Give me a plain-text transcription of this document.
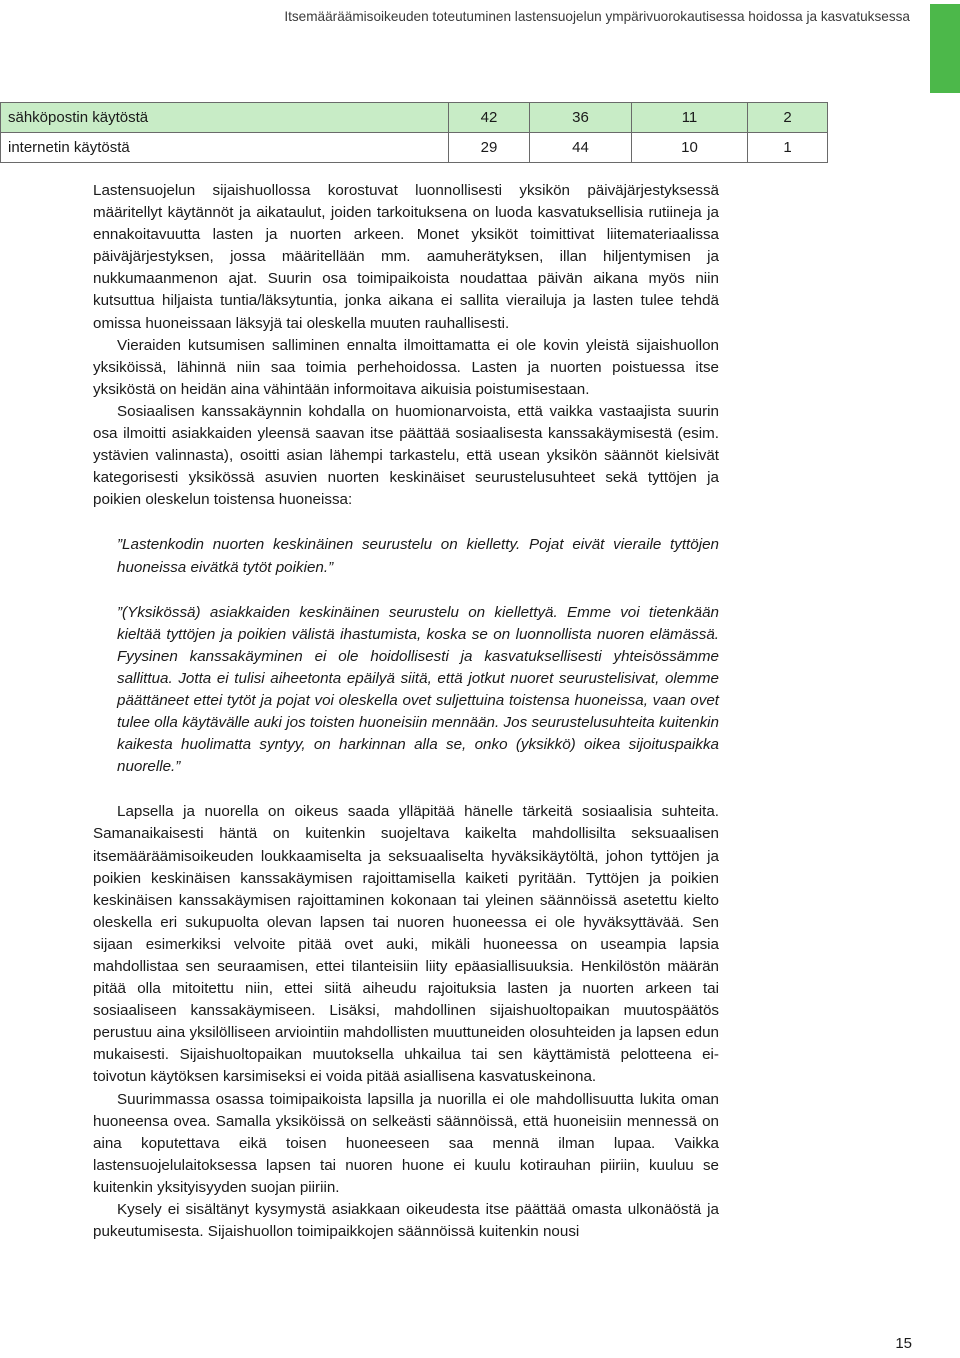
Itsemääräämisoikeuden toteutuminen lastensuojelun ympärivuorokautisessa hoidossa ja kasvatuksessa
sähköpostin käytöstä	42	36	11	2
internetin käytöstä	29	44	10	1

Lastensuojelun sijaishuollossa korostuvat luonnollisesti yksikön päiväjärjestyksessä määritellyt käytännöt ja aikataulut, joiden tarkoituksena on luoda kasvatuksellisia rutiineja ja ennakoitavuutta lasten ja nuorten arkeen. Monet yksiköt toimittivat liitemateriaalissa päiväjärjestyksen, jossa määritellään mm. aamuherätyksen, illan hiljentymisen ja nukkumaanmenon ajat. Suurin osa toimipaikoista noudattaa päivän aikana myös niin kutsuttua hiljaista tuntia/läksytuntia, jonka aikana ei sallita vierailuja ja lasten tulee tehdä omissa huoneissaan läksyjä tai oleskella muuten rauhallisesti.

Vieraiden kutsumisen salliminen ennalta ilmoittamatta ei ole kovin yleistä sijaishuollon yksiköissä, lähinnä niin saa toimia perhehoidossa. Lasten ja nuorten poistuessa itse yksiköstä on heidän aina vähintään informoitava aikuisia poistumisestaan.

Sosiaalisen kanssakäynnin kohdalla on huomionarvoista, että vaikka vastaajista suurin osa ilmoitti asiakkaiden yleensä saavan itse päättää sosiaalisesta kanssakäymisestä (esim. ystävien valinnasta), osoitti asian lähempi tarkastelu, että usean yksikön säännöt kielsivät kategorisesti yksikössä asuvien nuorten keskinäiset seurustelusuhteet sekä tyttöjen ja poikien oleskelun toistensa huoneissa:

”Lastenkodin nuorten keskinäinen seurustelu on kielletty. Pojat eivät vieraile tyttöjen huoneissa eivätkä tytöt poikien.”

”(Yksikössä) asiakkaiden keskinäinen seurustelu on kiellettyä. Emme voi tietenkään kieltää tyttöjen ja poikien välistä ihastumista, koska se on luonnollista nuoren elämässä. Fyysinen kanssakäyminen ei ole hoidollisesti ja kasvatuksellisesti yhteisössämme sallittua. Jotta ei tulisi aiheetonta epäilyä siitä, että jotkut nuoret seurustelisivat, olemme päättäneet ettei tytöt ja pojat voi oleskella ovet suljettuina toistensa huoneissa, vaan ovet tulee olla käytävälle auki jos toisten huoneisiin mennään. Jos seurustelusuhteita kuitenkin kaikesta huolimatta syntyy, on harkinnan alla se, onko (yksikkö) oikea sijoituspaikka nuorelle.”

Lapsella ja nuorella on oikeus saada ylläpitää hänelle tärkeitä sosiaalisia suhteita. Samanaikaisesti häntä on kuitenkin suojeltava kaikelta mahdollisilta seksuaalisen itsemääräämisoikeuden loukkaamiselta ja seksuaaliselta hyväksikäytöltä, johon tyttöjen ja poikien keskinäisen kanssakäymisen rajoittamisella kaiketi pyritään. Tyttöjen ja poikien keskinäisen kanssakäymisen rajoittaminen kokonaan tai yleinen säännöissä asetettu kielto oleskella eri sukupuolta olevan lapsen tai nuoren huoneessa ei ole hyväksyttävää. Sen sijaan esimerkiksi velvoite pitää ovet auki, mikäli huoneessa on useampia lapsia mahdollistaa sen seuraamisen, ettei tilanteisiin liity epäasiallisuuksia. Henkilöstön määrän pitää olla mitoitettu niin, ettei siitä aiheudu rajoituksia lasten ja nuorten arkeen tai sosiaaliseen kanssakäymiseen. Lisäksi, mahdollinen sijaishuoltopaikan muutospäätös perustuu aina yksilölliseen arviointiin mahdollisten muuttuneiden olosuhteiden ja lapsen edun mukaisesti. Sijaishuoltopaikan muutoksella uhkailua tai sen käyttämistä pelotteena ei-toivotun käytöksen karsimiseksi ei voida pitää asiallisena kasvatuskeinona.

Suurimmassa osassa toimipaikoista lapsilla ja nuorilla ei ole mahdollisuutta lukita oman huoneensa ovea. Samalla yksiköissä on selkeästi säännöissä, että huoneisiin mennessä on aina koputettava eikä toisen huoneeseen saa mennä ilman lupaa. Vaikka lastensuojelulaitoksessa lapsen tai nuoren huone ei kuulu kotirauhan piiriin, kuuluu se kuitenkin yksityisyyden suojan piiriin.

Kysely ei sisältänyt kysymystä asiakkaan oikeudesta itse päättää omasta ulkonäöstä ja pukeutumisesta. Sijaishuollon toimipaikkojen säännöissä kuitenkin nousi

15
